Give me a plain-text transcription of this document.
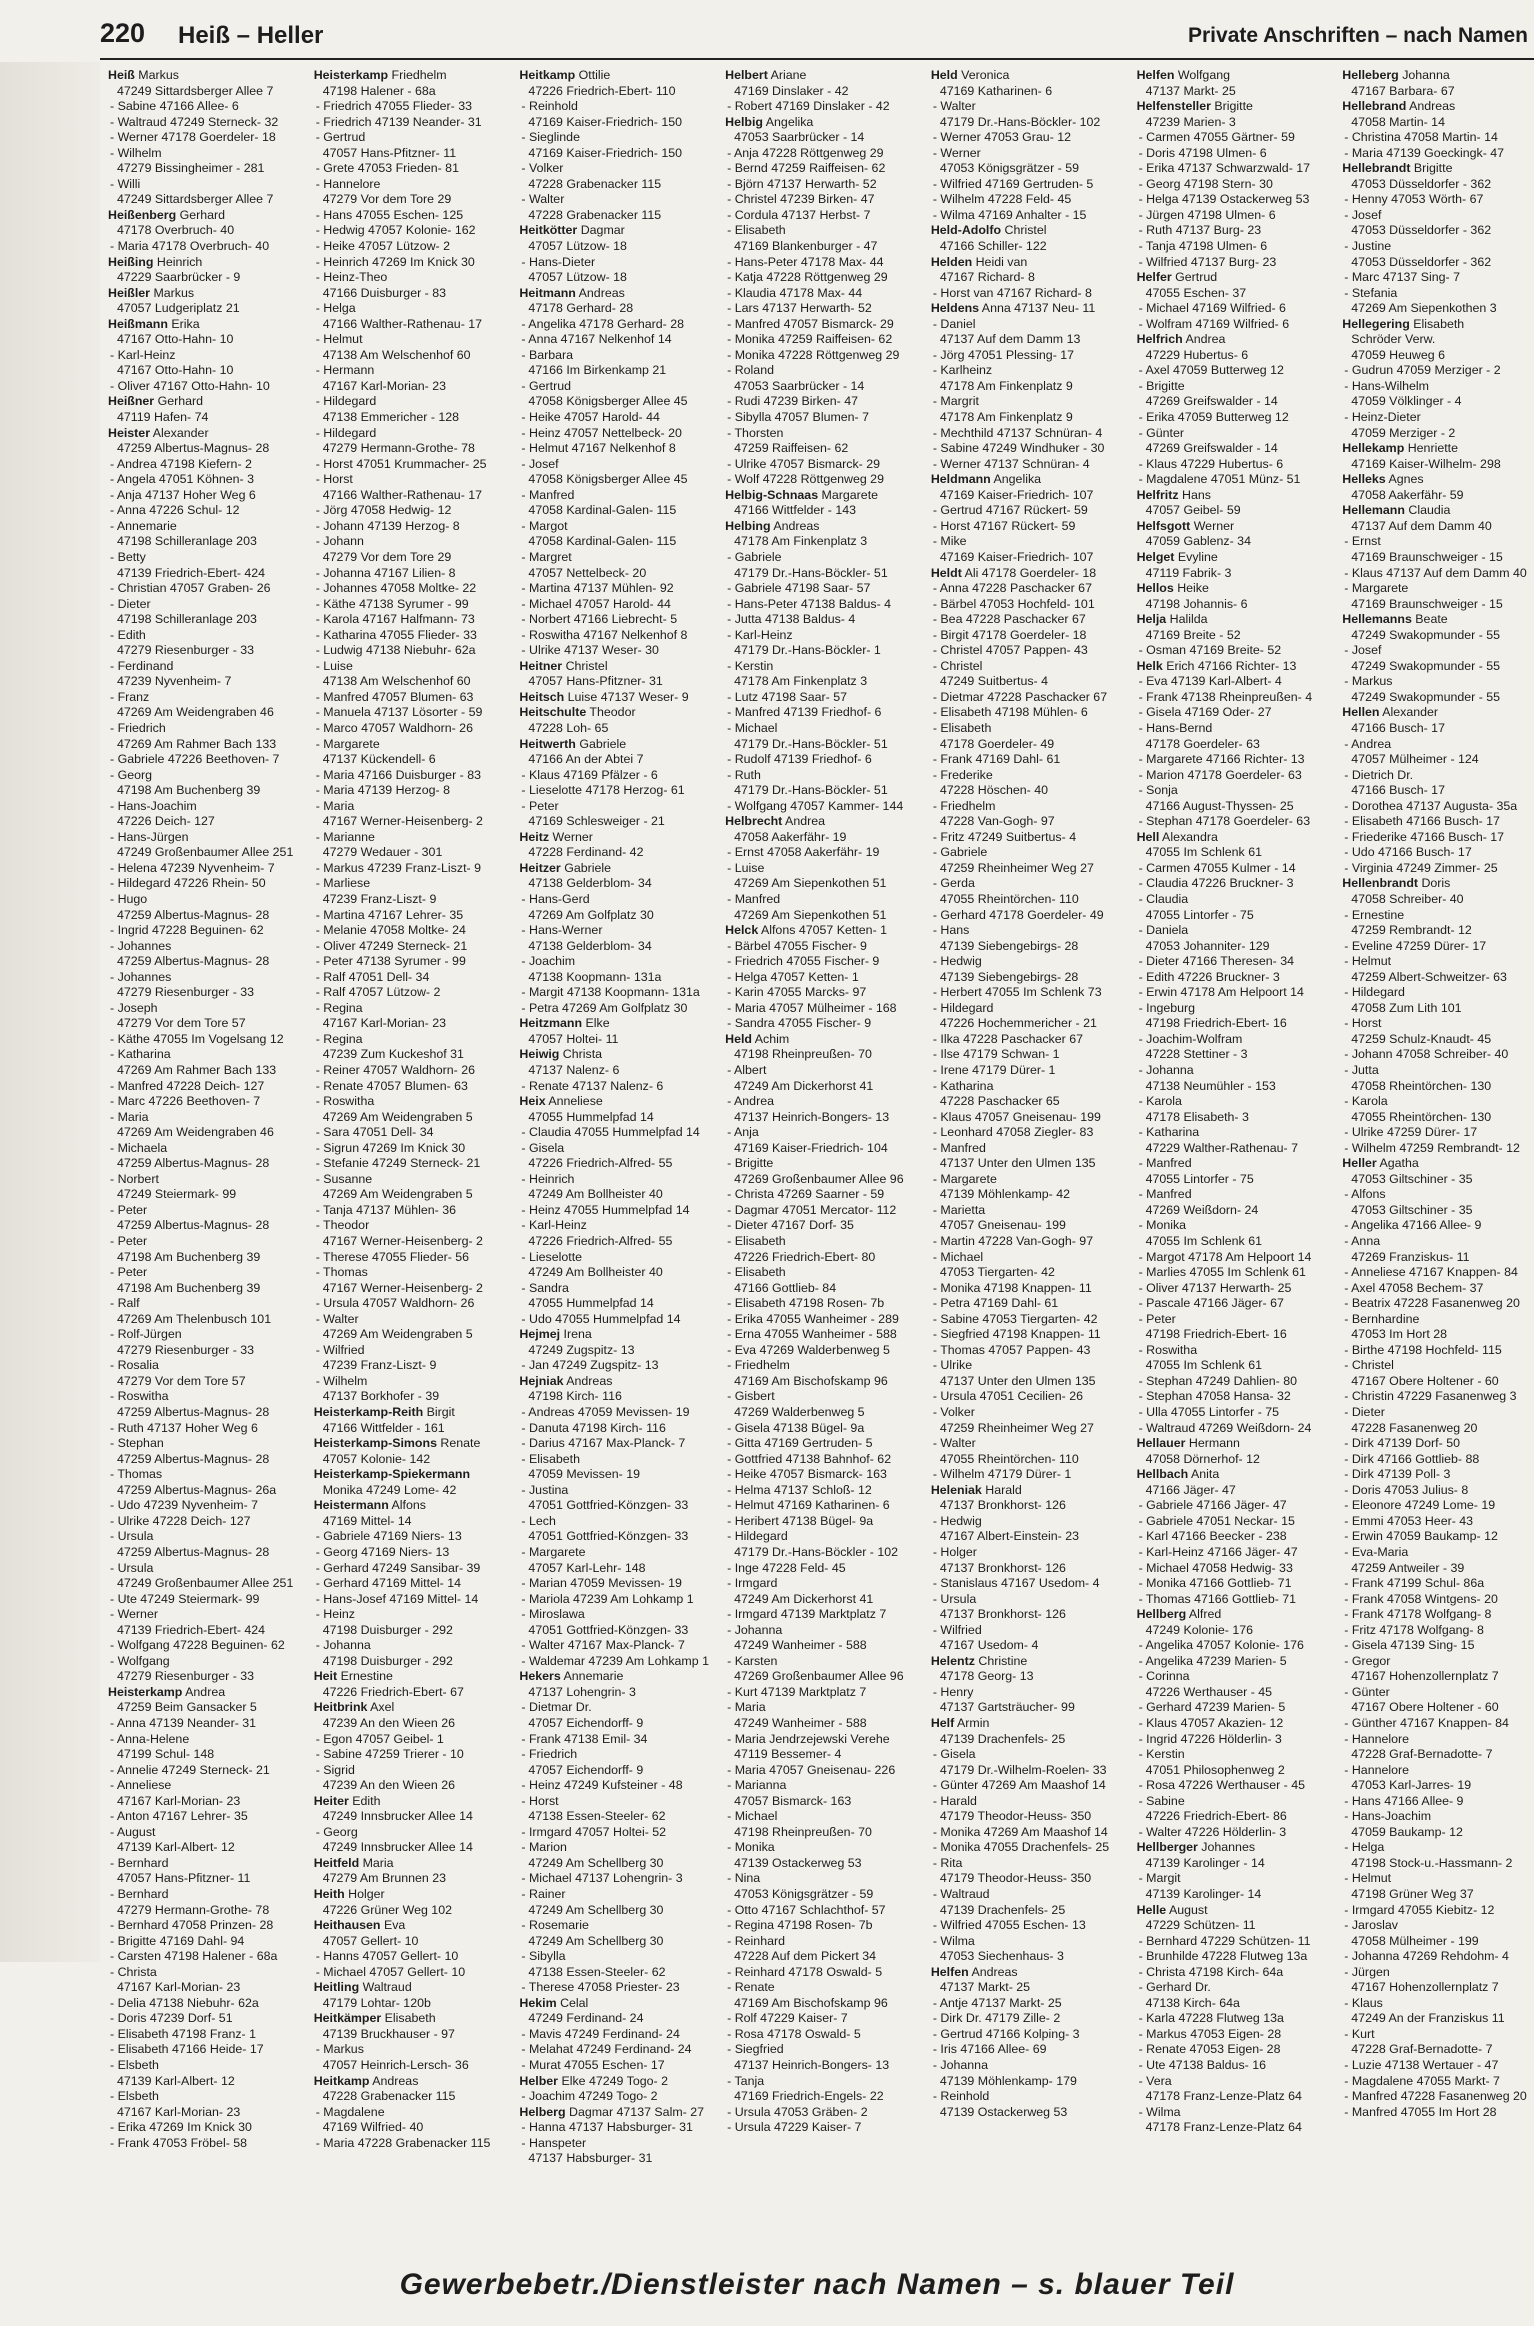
220 Heiß – Heller	Private Anschriften – nach Namen
Heiß Markus
47249 Sittardsberger Allee 7
- Sabine 47166 Allee- 6
- Waltraud 47249 Sterneck- 32
- Werner 47178 Goerdeler- 18
- Wilhelm
47279 Bissingheimer - 281
- Willi
47249 Sittardsberger Allee 7
Heißenberg Gerhard
47178 Overbruch- 40
- Maria 47178 Overbruch- 40
Heißing Heinrich
47229 Saarbrücker - 9
Heißler Markus
47057 Ludgeriplatz 21
Heißmann Erika
47167 Otto-Hahn- 10
- Karl-Heinz
47167 Otto-Hahn- 10
- Oliver 47167 Otto-Hahn- 10
Heißner Gerhard
47119 Hafen- 74
Heister Alexander
47259 Albertus-Magnus- 28
- Andrea 47198 Kiefern- 2
- Angela 47051 Köhnen- 3
- Anja 47137 Hoher Weg 6
- Anna 47226 Schul- 12
- Annemarie
47198 Schilleranlage 203
- Betty
47139 Friedrich-Ebert- 424
- Christian 47057 Graben- 26
- Dieter
47198 Schilleranlage 203
- Edith
47279 Riesenburger - 33
- Ferdinand
47239 Nyvenheim- 7
- Franz
47269 Am Weidengraben 46
- Friedrich
47269 Am Rahmer Bach 133
- Gabriele 47226 Beethoven- 7
- Georg
47198 Am Buchenberg 39
- Hans-Joachim
47226 Deich- 127
- Hans-Jürgen
47249 Großenbaumer Allee 251
- Helena 47239 Nyvenheim- 7
- Hildegard 47226 Rhein- 50
- Hugo
47259 Albertus-Magnus- 28
- Ingrid 47228 Beguinen- 62
- Johannes
47259 Albertus-Magnus- 28
- Johannes
47279 Riesenburger - 33
- Joseph
47279 Vor dem Tore 57
- Käthe 47055 Im Vogelsang 12
- Katharina
47269 Am Rahmer Bach 133
- Manfred 47228 Deich- 127
- Marc 47226 Beethoven- 7
- Maria
47269 Am Weidengraben 46
- Michaela
47259 Albertus-Magnus- 28
- Norbert
47249 Steiermark- 99
- Peter
47259 Albertus-Magnus- 28
- Peter
47198 Am Buchenberg 39
- Peter
47198 Am Buchenberg 39
- Ralf
47269 Am Thelenbusch 101
- Rolf-Jürgen
47279 Riesenburger - 33
- Rosalia
47279 Vor dem Tore 57
- Roswitha
47259 Albertus-Magnus- 28
- Ruth 47137 Hoher Weg 6
- Stephan
47259 Albertus-Magnus- 28
- Thomas
47259 Albertus-Magnus- 26a
- Udo 47239 Nyvenheim- 7
- Ulrike 47228 Deich- 127
- Ursula
47259 Albertus-Magnus- 28
- Ursula
47249 Großenbaumer Allee 251
- Ute 47249 Steiermark- 99
- Werner
47139 Friedrich-Ebert- 424
- Wolfgang 47228 Beguinen- 62
- Wolfgang
47279 Riesenburger - 33
Heisterkamp Andrea
47259 Beim Gansacker 5
- Anna 47139 Neander- 31
- Anna-Helene
47199 Schul- 148
- Annelie 47249 Sterneck- 21
- Anneliese
47167 Karl-Morian- 23
- Anton 47167 Lehrer- 35
- August
47139 Karl-Albert- 12
- Bernhard
47057 Hans-Pfitzner- 11
- Bernhard
47279 Hermann-Grothe- 78
- Bernhard 47058 Prinzen- 28
- Brigitte 47169 Dahl- 94
- Carsten 47198 Halener - 68a
- Christa
47167 Karl-Morian- 23
- Delia 47138 Niebuhr- 62a
- Doris 47239 Dorf- 51
- Elisabeth 47198 Franz- 1
- Elisabeth 47166 Heide- 17
- Elsbeth
47139 Karl-Albert- 12
- Elsbeth
47167 Karl-Morian- 23
- Erika 47269 Im Knick 30
- Frank 47053 Fröbel- 58
Heisterkamp Friedhelm
47198 Halener - 68a
- Friedrich 47055 Flieder- 33
- Friedrich 47139 Neander- 31
- Gertrud
47057 Hans-Pfitzner- 11
- Grete 47053 Frieden- 81
- Hannelore
47279 Vor dem Tore 29
- Hans 47055 Eschen- 125
- Hedwig 47057 Kolonie- 162
- Heike 47057 Lützow- 2
- Heinrich 47269 Im Knick 30
- Heinz-Theo
47166 Duisburger - 83
- Helga
47166 Walther-Rathenau- 17
- Helmut
47138 Am Welschenhof 60
- Hermann
47167 Karl-Morian- 23
- Hildegard
47138 Emmericher - 128
- Hildegard
47279 Hermann-Grothe- 78
- Horst 47051 Krummacher- 25
- Horst
47166 Walther-Rathenau- 17
- Jörg 47058 Hedwig- 12
- Johann 47139 Herzog- 8
- Johann
47279 Vor dem Tore 29
- Johanna 47167 Lilien- 8
- Johannes 47058 Moltke- 22
- Käthe 47138 Syrumer - 99
- Karola 47167 Halfmann- 73
- Katharina 47055 Flieder- 33
- Ludwig 47138 Niebuhr- 62a
- Luise
47138 Am Welschenhof 60
- Manfred 47057 Blumen- 63
- Manuela 47137 Lösorter - 59
- Marco 47057 Waldhorn- 26
- Margarete
47137 Kückendell- 6
- Maria 47166 Duisburger - 83
- Maria 47139 Herzog- 8
- Maria
47167 Werner-Heisenberg- 2
- Marianne
47279 Wedauer - 301
- Markus 47239 Franz-Liszt- 9
- Marliese
47239 Franz-Liszt- 9
- Martina 47167 Lehrer- 35
- Melanie 47058 Moltke- 24
- Oliver 47249 Sterneck- 21
- Peter 47138 Syrumer - 99
- Ralf 47051 Dell- 34
- Ralf 47057 Lützow- 2
- Regina
47167 Karl-Morian- 23
- Regina
47239 Zum Kuckeshof 31
- Reiner 47057 Waldhorn- 26
- Renate 47057 Blumen- 63
- Roswitha
47269 Am Weidengraben 5
- Sara 47051 Dell- 34
- Sigrun 47269 Im Knick 30
- Stefanie 47249 Sterneck- 21
- Susanne
47269 Am Weidengraben 5
- Tanja 47137 Mühlen- 36
- Theodor
47167 Werner-Heisenberg- 2
- Therese 47055 Flieder- 56
- Thomas
47167 Werner-Heisenberg- 2
- Ursula 47057 Waldhorn- 26
- Walter
47269 Am Weidengraben 5
- Wilfried
47239 Franz-Liszt- 9
- Wilhelm
47137 Borkhofer - 39
Heisterkamp-Reith Birgit
47166 Wittfelder - 161
Heisterkamp-Simons Renate
47057 Kolonie- 142
Heisterkamp-Spiekermann
Monika 47249 Lome- 42
Heistermann Alfons
47169 Mittel- 14
- Gabriele 47169 Niers- 13
- Georg 47169 Niers- 13
- Gerhard 47249 Sansibar- 39
- Gerhard 47169 Mittel- 14
- Hans-Josef 47169 Mittel- 14
- Heinz
47198 Duisburger - 292
- Johanna
47198 Duisburger - 292
Heit Ernestine
47226 Friedrich-Ebert- 67
Heitbrink Axel
47239 An den Wieen 26
- Egon 47057 Geibel- 1
- Sabine 47259 Trierer - 10
- Sigrid
47239 An den Wieen 26
Heiter Edith
47249 Innsbrucker Allee 14
- Georg
47249 Innsbrucker Allee 14
Heitfeld Maria
47279 Am Brunnen 23
Heith Holger
47226 Grüner Weg 102
Heithausen Eva
47057 Gellert- 10
- Hanns 47057 Gellert- 10
- Michael 47057 Gellert- 10
Heitling Waltraud
47179 Lohtar- 120b
Heitkämper Elisabeth
47139 Bruckhauser - 97
- Markus
47057 Heinrich-Lersch- 36
Heitkamp Andreas
47228 Grabenacker 115
- Magdalene
47169 Wilfried- 40
- Maria 47228 Grabenacker 115
Heitkamp Ottilie
47226 Friedrich-Ebert- 110
- Reinhold
47169 Kaiser-Friedrich- 150
- Sieglinde
47169 Kaiser-Friedrich- 150
- Volker
47228 Grabenacker 115
- Walter
47228 Grabenacker 115
Heitkötter Dagmar
47057 Lützow- 18
- Hans-Dieter
47057 Lützow- 18
Heitmann Andreas
47178 Gerhard- 28
- Angelika 47178 Gerhard- 28
- Anna 47167 Nelkenhof 14
- Barbara
47166 Im Birkenkamp 21
- Gertrud
47058 Königsberger Allee 45
- Heike 47057 Harold- 44
- Heinz 47057 Nettelbeck- 20
- Helmut 47167 Nelkenhof 8
- Josef
47058 Königsberger Allee 45
- Manfred
47058 Kardinal-Galen- 115
- Margot
47058 Kardinal-Galen- 115
- Margret
47057 Nettelbeck- 20
- Martina 47137 Mühlen- 92
- Michael 47057 Harold- 44
- Norbert 47166 Liebrecht- 5
- Roswitha 47167 Nelkenhof 8
- Ulrike 47137 Weser- 30
Heitner Christel
47057 Hans-Pfitzner- 31
Heitsch Luise 47137 Weser- 9
Heitschulte Theodor
47228 Loh- 65
Heitwerth Gabriele
47166 An der Abtei 7
- Klaus 47169 Pfälzer - 6
- Lieselotte 47178 Herzog- 61
- Peter
47169 Schlesweiger - 21
Heitz Werner
47228 Ferdinand- 42
Heitzer Gabriele
47138 Gelderblom- 34
- Hans-Gerd
47269 Am Golfplatz 30
- Hans-Werner
47138 Gelderblom- 34
- Joachim
47138 Koopmann- 131a
- Margit 47138 Koopmann- 131a
- Petra 47269 Am Golfplatz 30
Heitzmann Elke
47057 Holtei- 11
Heiwig Christa
47137 Nalenz- 6
- Renate 47137 Nalenz- 6
Heix Anneliese
47055 Hummelpfad 14
- Claudia 47055 Hummelpfad 14
- Gisela
47226 Friedrich-Alfred- 55
- Heinrich
47249 Am Bollheister 40
- Heinz 47055 Hummelpfad 14
- Karl-Heinz
47226 Friedrich-Alfred- 55
- Lieselotte
47249 Am Bollheister 40
- Sandra
47055 Hummelpfad 14
- Udo 47055 Hummelpfad 14
Hejmej Irena
47249 Zugspitz- 13
- Jan 47249 Zugspitz- 13
Hejniak Andreas
47198 Kirch- 116
- Andreas 47059 Mevissen- 19
- Danuta 47198 Kirch- 116
- Darius 47167 Max-Planck- 7
- Elisabeth
47059 Mevissen- 19
- Justina
47051 Gottfried-Könzgen- 33
- Lech
47051 Gottfried-Könzgen- 33
- Margarete
47057 Karl-Lehr- 148
- Marian 47059 Mevissen- 19
- Mariola 47239 Am Lohkamp 1
- Miroslawa
47051 Gottfried-Könzgen- 33
- Walter 47167 Max-Planck- 7
- Waldemar 47239 Am Lohkamp 1
Hekers Annemarie
47137 Lohengrin- 3
- Dietmar Dr.
47057 Eichendorff- 9
- Frank 47138 Emil- 34
- Friedrich
47057 Eichendorff- 9
- Heinz 47249 Kufsteiner - 48
- Horst
47138 Essen-Steeler- 62
- Irmgard 47057 Holtei- 52
- Marion
47249 Am Schellberg 30
- Michael 47137 Lohengrin- 3
- Rainer
47249 Am Schellberg 30
- Rosemarie
47249 Am Schellberg 30
- Sibylla
47138 Essen-Steeler- 62
- Therese 47058 Priester- 23
Hekim Celal
47249 Ferdinand- 24
- Mavis 47249 Ferdinand- 24
- Melahat 47249 Ferdinand- 24
- Murat 47055 Eschen- 17
Helber Elke 47249 Togo- 2
- Joachim 47249 Togo- 2
Helberg Dagmar 47137 Salm- 27
- Hanna 47137 Habsburger- 31
- Hanspeter
47137 Habsburger- 31
Helbert Ariane
47169 Dinslaker - 42
- Robert 47169 Dinslaker - 42
Helbig Angelika
47053 Saarbrücker - 14
- Anja 47228 Röttgenweg 29
- Bernd 47259 Raiffeisen- 62
- Björn 47137 Herwarth- 52
- Christel 47239 Birken- 47
- Cordula 47137 Herbst- 7
- Elisabeth
47169 Blankenburger - 47
- Hans-Peter 47178 Max- 44
- Katja 47228 Röttgenweg 29
- Klaudia 47178 Max- 44
- Lars 47137 Herwarth- 52
- Manfred 47057 Bismarck- 29
- Monika 47259 Raiffeisen- 62
- Monika 47228 Röttgenweg 29
- Roland
47053 Saarbrücker - 14
- Rudi 47239 Birken- 47
- Sibylla 47057 Blumen- 7
- Thorsten
47259 Raiffeisen- 62
- Ulrike 47057 Bismarck- 29
- Wolf 47228 Röttgenweg 29
Helbig-Schnaas Margarete
47166 Wittfelder - 143
Helbing Andreas
47178 Am Finkenplatz 3
- Gabriele
47179 Dr.-Hans-Böckler- 51
- Gabriele 47198 Saar- 57
- Hans-Peter 47138 Baldus- 4
- Jutta 47138 Baldus- 4
- Karl-Heinz
47179 Dr.-Hans-Böckler- 1
- Kerstin
47178 Am Finkenplatz 3
- Lutz 47198 Saar- 57
- Manfred 47139 Friedhof- 6
- Michael
47179 Dr.-Hans-Böckler- 51
- Rudolf 47139 Friedhof- 6
- Ruth
47179 Dr.-Hans-Böckler- 51
- Wolfgang 47057 Kammer- 144
Helbrecht Andrea
47058 Aakerfähr- 19
- Ernst 47058 Aakerfähr- 19
- Luise
47269 Am Siepenkothen 51
- Manfred
47269 Am Siepenkothen 51
Helck Alfons 47057 Ketten- 1
- Bärbel 47055 Fischer- 9
- Friedrich 47055 Fischer- 9
- Helga 47057 Ketten- 1
- Karin 47055 Marcks- 97
- Maria 47057 Mülheimer - 168
- Sandra 47055 Fischer- 9
Held Achim
47198 Rheinpreußen- 70
- Albert
47249 Am Dickerhorst 41
- Andrea
47137 Heinrich-Bongers- 13
- Anja
47169 Kaiser-Friedrich- 104
- Brigitte
47269 Großenbaumer Allee 96
- Christa 47269 Saarner - 59
- Dagmar 47051 Mercator- 112
- Dieter 47167 Dorf- 35
- Elisabeth
47226 Friedrich-Ebert- 80
- Elisabeth
47166 Gottlieb- 84
- Elisabeth 47198 Rosen- 7b
- Erika 47055 Wanheimer - 289
- Erna 47055 Wanheimer - 588
- Eva 47269 Walderbenweg 5
- Friedhelm
47169 Am Bischofskamp 96
- Gisbert
47269 Walderbenweg 5
- Gisela 47138 Bügel- 9a
- Gitta 47169 Gertruden- 5
- Gottfried 47138 Bahnhof- 62
- Heike 47057 Bismarck- 163
- Helma 47137 Schloß- 12
- Helmut 47169 Katharinen- 6
- Heribert 47138 Bügel- 9a
- Hildegard
47179 Dr.-Hans-Böckler - 102
- Inge 47228 Feld- 45
- Irmgard
47249 Am Dickerhorst 41
- Irmgard 47139 Marktplatz 7
- Johanna
47249 Wanheimer - 588
- Karsten
47269 Großenbaumer Allee 96
- Kurt 47139 Marktplatz 7
- Maria
47249 Wanheimer - 588
- Maria Jendrzejewski Verehe
47119 Bessemer- 4
- Maria 47057 Gneisenau- 226
- Marianna
47057 Bismarck- 163
- Michael
47198 Rheinpreußen- 70
- Monika
47139 Ostackerweg 53
- Nina
47053 Königsgrätzer - 59
- Otto 47167 Schlachthof- 57
- Regina 47198 Rosen- 7b
- Reinhard
47228 Auf dem Pickert 34
- Reinhard 47178 Oswald- 5
- Renate
47169 Am Bischofskamp 96
- Rolf 47229 Kaiser- 7
- Rosa 47178 Oswald- 5
- Siegfried
47137 Heinrich-Bongers- 13
- Tanja
47169 Friedrich-Engels- 22
- Ursula 47053 Gräben- 2
- Ursula 47229 Kaiser- 7
Held Veronica
47169 Katharinen- 6
- Walter
47179 Dr.-Hans-Böckler- 102
- Werner 47053 Grau- 12
- Werner
47053 Königsgrätzer - 59
- Wilfried 47169 Gertruden- 5
- Wilhelm 47228 Feld- 45
- Wilma 47169 Anhalter - 15
Held-Adolfo Christel
47166 Schiller- 122
Helden Heidi van
47167 Richard- 8
- Horst van 47167 Richard- 8
Heldens Anna 47137 Neu- 11
- Daniel
47137 Auf dem Damm 13
- Jörg 47051 Plessing- 17
- Karlheinz
47178 Am Finkenplatz 9
- Margrit
47178 Am Finkenplatz 9
- Mechthild 47137 Schnüran- 4
- Sabine 47249 Windhuker - 30
- Werner 47137 Schnüran- 4
Heldmann Angelika
47169 Kaiser-Friedrich- 107
- Gertrud 47167 Rückert- 59
- Horst 47167 Rückert- 59
- Mike
47169 Kaiser-Friedrich- 107
Heldt Ali 47178 Goerdeler- 18
- Anna 47228 Paschacker 67
- Bärbel 47053 Hochfeld- 101
- Bea 47228 Paschacker 67
- Birgit 47178 Goerdeler- 18
- Christel 47057 Pappen- 43
- Christel
47249 Suitbertus- 4
- Dietmar 47228 Paschacker 67
- Elisabeth 47198 Mühlen- 6
- Elisabeth
47178 Goerdeler- 49
- Frank 47169 Dahl- 61
- Frederike
47228 Höschen- 40
- Friedhelm
47228 Van-Gogh- 97
- Fritz 47249 Suitbertus- 4
- Gabriele
47259 Rheinheimer Weg 27
- Gerda
47055 Rheintörchen- 110
- Gerhard 47178 Goerdeler- 49
- Hans
47139 Siebengebirgs- 28
- Hedwig
47139 Siebengebirgs- 28
- Herbert 47055 Im Schlenk 73
- Hildegard
47226 Hochemmericher - 21
- Ilka 47228 Paschacker 67
- Ilse 47179 Schwan- 1
- Irene 47179 Dürer- 1
- Katharina
47228 Paschacker 65
- Klaus 47057 Gneisenau- 199
- Leonhard 47058 Ziegler- 83
- Manfred
47137 Unter den Ulmen 135
- Margarete
47139 Möhlenkamp- 42
- Marietta
47057 Gneisenau- 199
- Martin 47228 Van-Gogh- 97
- Michael
47053 Tiergarten- 42
- Monika 47198 Knappen- 11
- Petra 47169 Dahl- 61
- Sabine 47053 Tiergarten- 42
- Siegfried 47198 Knappen- 11
- Thomas 47057 Pappen- 43
- Ulrike
47137 Unter den Ulmen 135
- Ursula 47051 Cecilien- 26
- Volker
47259 Rheinheimer Weg 27
- Walter
47055 Rheintörchen- 110
- Wilhelm 47179 Dürer- 1
Heleniak Harald
47137 Bronkhorst- 126
- Hedwig
47167 Albert-Einstein- 23
- Holger
47137 Bronkhorst- 126
- Stanislaus 47167 Usedom- 4
- Ursula
47137 Bronkhorst- 126
- Wilfried
47167 Usedom- 4
Helentz Christine
47178 Georg- 13
- Henry
47137 Gartsträucher- 99
Helf Armin
47139 Drachenfels- 25
- Gisela
47179 Dr.-Wilhelm-Roelen- 33
- Günter 47269 Am Maashof 14
- Harald
47179 Theodor-Heuss- 350
- Monika 47269 Am Maashof 14
- Monika 47055 Drachenfels- 25
- Rita
47179 Theodor-Heuss- 350
- Waltraud
47139 Drachenfels- 25
- Wilfried 47055 Eschen- 13
- Wilma
47053 Siechenhaus- 3
Helfen Andreas
47137 Markt- 25
- Antje 47137 Markt- 25
- Dirk Dr. 47179 Zille- 2
- Gertrud 47166 Kolping- 3
- Iris 47166 Allee- 69
- Johanna
47139 Möhlenkamp- 179
- Reinhold
47139 Ostackerweg 53
Helfen Wolfgang
47137 Markt- 25
Helfensteller Brigitte
47239 Marien- 3
- Carmen 47055 Gärtner- 59
- Doris 47198 Ulmen- 6
- Erika 47137 Schwarzwald- 17
- Georg 47198 Stern- 30
- Helga 47139 Ostackerweg 53
- Jürgen 47198 Ulmen- 6
- Ruth 47137 Burg- 23
- Tanja 47198 Ulmen- 6
- Wilfried 47137 Burg- 23
Helfer Gertrud
47055 Eschen- 37
- Michael 47169 Wilfried- 6
- Wolfram 47169 Wilfried- 6
Helfrich Andrea
47229 Hubertus- 6
- Axel 47059 Butterweg 12
- Brigitte
47269 Greifswalder - 14
- Erika 47059 Butterweg 12
- Günter
47269 Greifswalder - 14
- Klaus 47229 Hubertus- 6
- Magdalene 47051 Münz- 51
Helfritz Hans
47057 Geibel- 59
Helfsgott Werner
47059 Gablenz- 34
Helget Evyline
47119 Fabrik- 3
Hellos Heike
47198 Johannis- 6
Helja Halilda
47169 Breite - 52
- Osman 47169 Breite- 52
Helk Erich 47166 Richter- 13
- Eva 47139 Karl-Albert- 4
- Frank 47138 Rheinpreußen- 4
- Gisela 47169 Oder- 27
- Hans-Bernd
47178 Goerdeler- 63
- Margarete 47166 Richter- 13
- Marion 47178 Goerdeler- 63
- Sonja
47166 August-Thyssen- 25
- Stephan 47178 Goerdeler- 63
Hell Alexandra
47055 Im Schlenk 61
- Carmen 47055 Kulmer - 14
- Claudia 47226 Bruckner- 3
- Claudia
47055 Lintorfer - 75
- Daniela
47053 Johanniter- 129
- Dieter 47166 Theresen- 34
- Edith 47226 Bruckner- 3
- Erwin 47178 Am Helpoort 14
- Ingeburg
47198 Friedrich-Ebert- 16
- Joachim-Wolfram
47228 Stettiner - 3
- Johanna
47138 Neumühler - 153
- Karola
47178 Elisabeth- 3
- Katharina
47229 Walther-Rathenau- 7
- Manfred
47055 Lintorfer - 75
- Manfred
47269 Weißdorn- 24
- Monika
47055 Im Schlenk 61
- Margot 47178 Am Helpoort 14
- Marlies 47055 Im Schlenk 61
- Oliver 47137 Herwarth- 25
- Pascale 47166 Jäger- 67
- Peter
47198 Friedrich-Ebert- 16
- Roswitha
47055 Im Schlenk 61
- Stephan 47249 Dahlien- 80
- Stephan 47058 Hansa- 32
- Ulla 47055 Lintorfer - 75
- Waltraud 47269 Weißdorn- 24
Hellauer Hermann
47058 Dörnerhof- 12
Hellbach Anita
47166 Jäger- 47
- Gabriele 47166 Jäger- 47
- Gabriele 47051 Neckar- 15
- Karl 47166 Beecker - 238
- Karl-Heinz 47166 Jäger- 47
- Michael 47058 Hedwig- 33
- Monika 47166 Gottlieb- 71
- Thomas 47166 Gottlieb- 71
Hellberg Alfred
47249 Kolonie- 176
- Angelika 47057 Kolonie- 176
- Angelika 47239 Marien- 5
- Corinna
47226 Werthauser - 45
- Gerhard 47239 Marien- 5
- Klaus 47057 Akazien- 12
- Ingrid 47226 Hölderlin- 3
- Kerstin
47051 Philosophenweg 2
- Rosa 47226 Werthauser - 45
- Sabine
47226 Friedrich-Ebert- 86
- Walter 47226 Hölderlin- 3
Hellberger Johannes
47139 Karolinger - 14
- Margit
47139 Karolinger- 14
Helle August
47229 Schützen- 11
- Bernhard 47229 Schützen- 11
- Brunhilde 47228 Flutweg 13a
- Christa 47198 Kirch- 64a
- Gerhard Dr.
47138 Kirch- 64a
- Karla 47228 Flutweg 13a
- Markus 47053 Eigen- 28
- Renate 47053 Eigen- 28
- Ute 47138 Baldus- 16
- Vera
47178 Franz-Lenze-Platz 64
- Wilma
47178 Franz-Lenze-Platz 64
Helleberg Johanna
47167 Barbara- 67
Hellebrand Andreas
47058 Martin- 14
- Christina 47058 Martin- 14
- Maria 47139 Goeckingk- 47
Hellebrandt Brigitte
47053 Düsseldorfer - 362
- Henny 47053 Wörth- 67
- Josef
47053 Düsseldorfer - 362
- Justine
47053 Düsseldorfer - 362
- Marc 47137 Sing- 7
- Stefania
47269 Am Siepenkothen 3
Hellegering Elisabeth
Schröder Verw.
47059 Heuweg 6
- Gudrun 47059 Merziger - 2
- Hans-Wilhelm
47059 Völklinger - 4
- Heinz-Dieter
47059 Merziger - 2
Hellekamp Henriette
47169 Kaiser-Wilhelm- 298
Helleks Agnes
47058 Aakerfähr- 59
Hellemann Claudia
47137 Auf dem Damm 40
- Ernst
47169 Braunschweiger - 15
- Klaus 47137 Auf dem Damm 40
- Margarete
47169 Braunschweiger - 15
Hellemanns Beate
47249 Swakopmunder - 55
- Josef
47249 Swakopmunder - 55
- Markus
47249 Swakopmunder - 55
Hellen Alexander
47166 Busch- 17
- Andrea
47057 Mülheimer - 124
- Dietrich Dr.
47166 Busch- 17
- Dorothea 47137 Augusta- 35a
- Elisabeth 47166 Busch- 17
- Friederike 47166 Busch- 17
- Udo 47166 Busch- 17
- Virginia 47249 Zimmer- 25
Hellenbrandt Doris
47058 Schreiber- 40
- Ernestine
47259 Rembrandt- 12
- Eveline 47259 Dürer- 17
- Helmut
47259 Albert-Schweitzer- 63
- Hildegard
47058 Zum Lith 101
- Horst
47259 Schulz-Knaudt- 45
- Johann 47058 Schreiber- 40
- Jutta
47058 Rheintörchen- 130
- Karola
47055 Rheintörchen- 130
- Ulrike 47259 Dürer- 17
- Wilhelm 47259 Rembrandt- 12
Heller Agatha
47053 Giltschiner - 35
- Alfons
47053 Giltschiner - 35
- Angelika 47166 Allee- 9
- Anna
47269 Franziskus- 11
- Anneliese 47167 Knappen- 84
- Axel 47058 Bechem- 37
- Beatrix 47228 Fasanenweg 20
- Bernhardine
47053 Im Hort 28
- Birthe 47198 Hochfeld- 115
- Christel
47167 Obere Holtener - 60
- Christin 47229 Fasanenweg 3
- Dieter
47228 Fasanenweg 20
- Dirk 47139 Dorf- 50
- Dirk 47166 Gottlieb- 88
- Dirk 47139 Poll- 3
- Doris 47053 Julius- 8
- Eleonore 47249 Lome- 19
- Emmi 47053 Heer- 43
- Erwin 47059 Baukamp- 12
- Eva-Maria
47259 Antweiler - 39
- Frank 47199 Schul- 86a
- Frank 47058 Wintgens- 20
- Frank 47178 Wolfgang- 8
- Fritz 47178 Wolfgang- 8
- Gisela 47139 Sing- 15
- Gregor
47167 Hohenzollernplatz 7
- Günter
47167 Obere Holtener - 60
- Günther 47167 Knappen- 84
- Hannelore
47228 Graf-Bernadotte- 7
- Hannelore
47053 Karl-Jarres- 19
- Hans 47166 Allee- 9
- Hans-Joachim
47059 Baukamp- 12
- Helga
47198 Stock-u.-Hassmann- 2
- Helmut
47198 Grüner Weg 37
- Irmgard 47055 Kiebitz- 12
- Jaroslav
47058 Mülheimer - 199
- Johanna 47269 Rehdohm- 4
- Jürgen
47167 Hohenzollernplatz 7
- Klaus
47249 An der Franziskus 11
- Kurt
47228 Graf-Bernadotte- 7
- Luzie 47138 Wertauer - 47
- Magdalene 47055 Markt- 7
- Manfred 47228 Fasanenweg 20
- Manfred 47055 Im Hort 28
Gewerbebetr./Dienstleister nach Namen – s. blauer Teil
